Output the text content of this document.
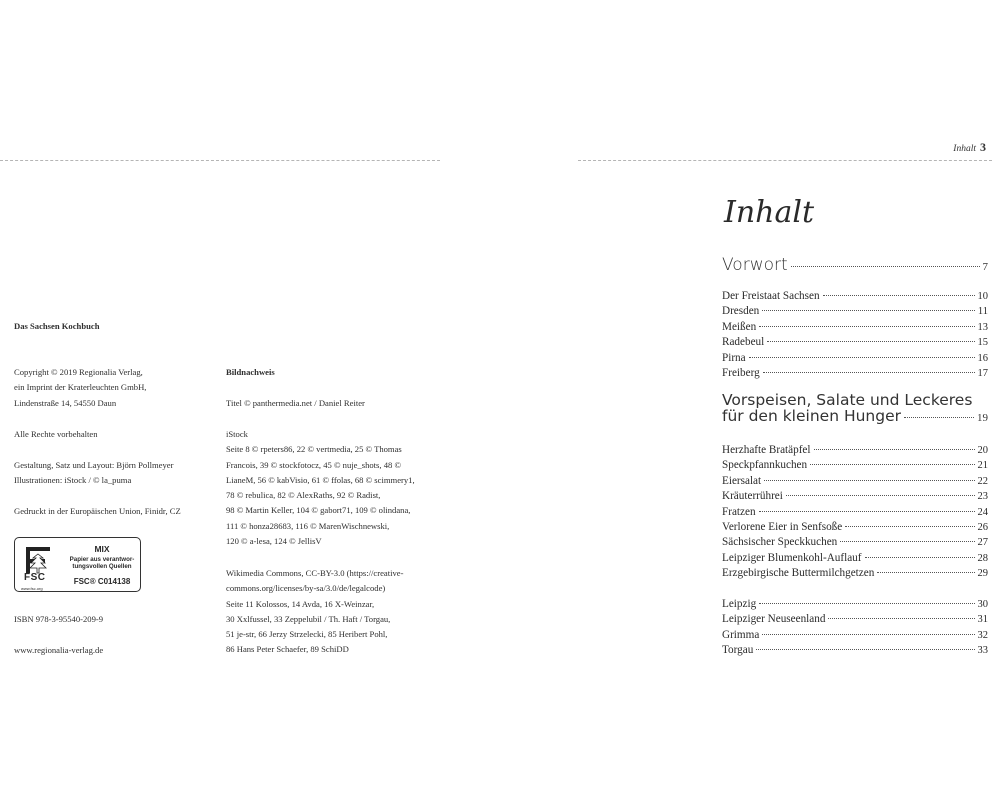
Inhalt 3
Das Sachsen Kochbuch
Copyright © 2019 Regionalia Verlag,
ein Imprint der Kraterleuchten GmbH,
Lindenstraße 14, 54550 Daun
Alle Rechte vorbehalten
Gestaltung, Satz und Layout: Björn Pollmeyer
Illustrationen: iStock / © la_puma
Gedruckt in der Europäischen Union, Finidr, CZ
FSC
MIX
Papier aus verantwor-
tungsvollen Quellen
FSC® C014138
www.fsc.org
ISBN 978-3-95540-209-9
www.regionalia-verlag.de
Bildnachweis
Titel © panthermedia.net / Daniel Reiter
iStock
Seite 8 © rpeters86, 22 © vertmedia, 25 © Thomas
Francois, 39 © stockfotocz, 45 © nuje_shots, 48 ©
LianeM, 56 © kabVisio, 61 © ffolas, 68 © scimmery1,
78 © rebulica, 82 © AlexRaths, 92 © Radist,
98 © Martin Keller, 104 © gabort71, 109 © olindana,
111 © honza28683, 116 © MarenWischnewski,
120 © a-lesa, 124 © JellisV
Wikimedia Commons, CC-BY-3.0 (https://creative-
commons.org/licenses/by-sa/3.0/de/legalcode)
Seite 11 Kolossos, 14 Avda, 16 X-Weinzar,
30 Xxlfussel, 33 Zeppelubil / Th. Haft / Torgau,
51 je-str, 66 Jerzy Strzelecki, 85 Heribert Pohl,
86 Hans Peter Schaefer, 89 SchiDD
Inhalt
Vorwort	7
Der Freistaat Sachsen	10
Dresden	11
Meißen	13
Radebeul	15
Pirna	16
Freiberg	17
Vorspeisen, Salate und Leckeres
für den kleinen Hunger	19
Herzhafte Bratäpfel	20
Speckpfannkuchen	21
Eiersalat	22
Kräuterrührei	23
Fratzen	24
Verlorene Eier in Senfsoße	26
Sächsischer Speckkuchen	27
Leipziger Blumenkohl-Auflauf	28
Erzgebirgische Buttermilchgetzen	29
Leipzig	30
Leipziger Neuseenland	31
Grimma	32
Torgau	33
